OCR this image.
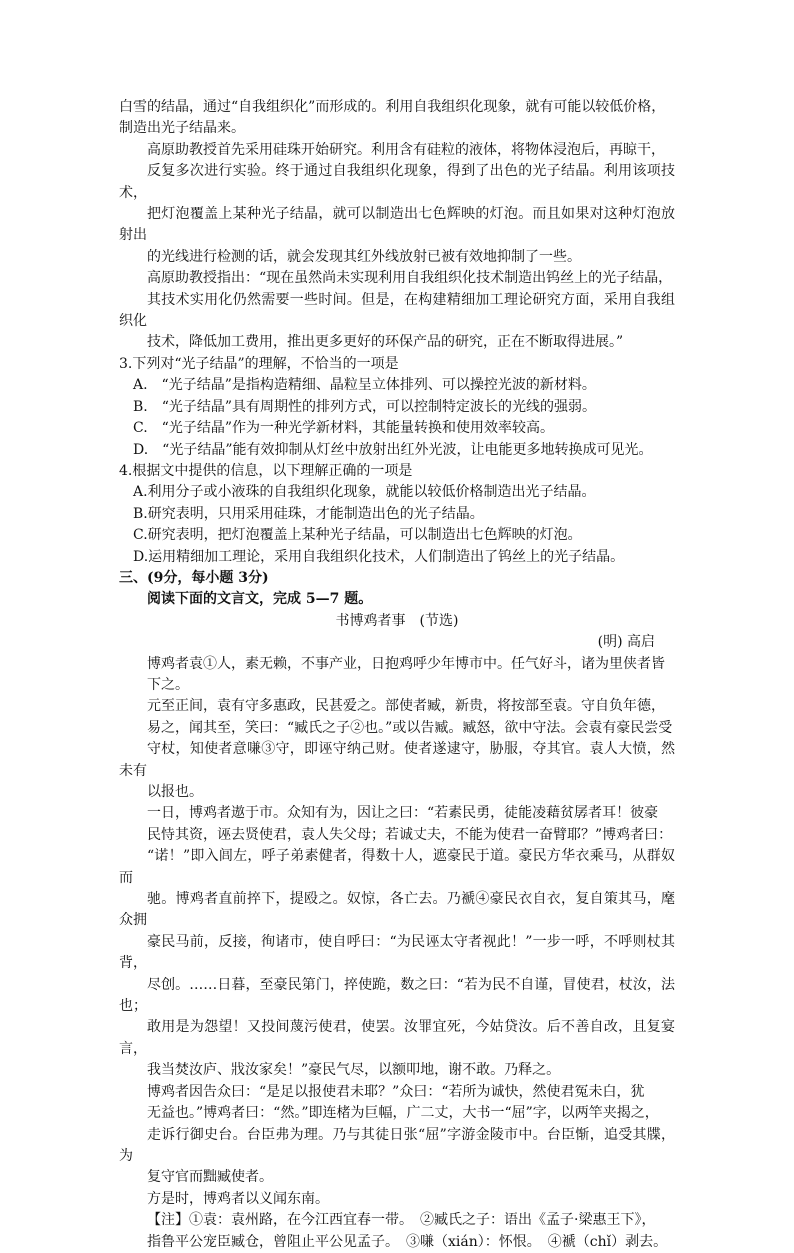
白雪的结晶，通过“自我组织化”而形成的。利用自我组织化现象，就有可能以较低价格，
制造出光子结晶来。

高原助教授首先采用硅珠开始研究。利用含有硅粒的液体，将物体浸泡后，再晾干，
反复多次进行实验。终于通过自我组织化现象，得到了出色的光子结晶。利用该项技术，
把灯泡覆盖上某种光子结晶，就可以制造出七色辉映的灯泡。而且如果对这种灯泡放射出
的光线进行检测的话，就会发现其红外线放射已被有效地抑制了一些。

高原助教授指出：“现在虽然尚未实现利用自我组织化技术制造出钨丝上的光子结晶，
其技术实用化仍然需要一些时间。但是，在构建精细加工理论研究方面，采用自我组织化
技术，降低加工费用，推出更多更好的环保产品的研究，正在不断取得进展。”

3.下列对“光子结晶”的理解，不恰当的一项是

A.　“光子结晶”是指构造精细、晶粒呈立体排列、可以操控光波的新材料。

B.　“光子结晶”具有周期性的排列方式，可以控制特定波长的光线的强弱。

C.　“光子结晶”作为一种光学新材料，其能量转换和使用效率较高。

D.　“光子结晶”能有效抑制从灯丝中放射出红外光波，让电能更多地转换成可见光。

4.根据文中提供的信息，以下理解正确的一项是

A.利用分子或小液珠的自我组织化现象，就能以较低价格制造出光子结晶。

B.研究表明，只用采用硅珠，才能制造出色的光子结晶。

C.研究表明，把灯泡覆盖上某种光子结晶，可以制造出七色辉映的灯泡。

D.运用精细加工理论，采用自我组织化技术，人们制造出了钨丝上的光子结晶。

三、(9分，每小题 3分)

阅读下面的文言文，完成 5—7 题。

书博鸡者事　(节选)

(明) 高启

博鸡者袁①人，素无赖，不事产业，日抱鸡呼少年博市中。任气好斗，诸为里侠者皆
下之。

元至正间，袁有守多惠政，民甚爱之。部使者臧，新贵，将按部至袁。守自负年德，
易之，闻其至，笑曰：“臧氏之子②也。”或以告臧。臧怒，欲中守法。会袁有豪民尝受
守杖，知使者意嗛③守，即诬守纳己财。使者遂逮守，胁服，夺其官。袁人大愤，然未有
以报也。

一日，博鸡者遨于市。众知有为，因让之曰：“若素民勇，徒能凌藉贫孱者耳！彼豪
民恃其资，诬去贤使君，袁人失父母；若诚丈夫，不能为使君一奋臂耶？”博鸡者曰：
“诺！”即入闾左，呼子弟素健者，得数十人，遮豪民于道。豪民方华衣乘马，从群奴而
驰。博鸡者直前捽下，提殴之。奴惊，各亡去。乃褫④豪民衣自衣，复自策其马，麾众拥
豪民马前，反接，徇诸市，使自呼曰：“为民诬太守者视此！”一步一呼，不呼则杖其背，
尽创。……日暮，至豪民第门，捽使跪，数之曰：“若为民不自谨，冒使君，杖汝，法也；
敢用是为怨望！又投间蔑污使君，使罢。汝罪宜死，今姑贷汝。后不善自改，且复宴言，
我当焚汝庐、戕汝家矣！”豪民气尽，以额叩地，谢不敢。乃释之。

博鸡者因告众曰：“是足以报使君未耶？”众曰：“若所为诚快，然使君冤未白，犹
无益也。”博鸡者曰：“然。”即连楮为巨幅，广二丈，大书一“屈”字，以两竿夹揭之，
走诉行御史台。台臣弗为理。乃与其徒日张“屈”字游金陵市中。台臣惭，追受其牒，为
复守官而黜臧使者。

方是时，博鸡者以义闻东南。

【注】①袁：袁州路，在今江西宜春一带。　②臧氏之子：语出《孟子·梁惠王下》，
指鲁平公宠臣臧仓，曾阻止平公见孟子。　③嗛（xián）：怀恨。　④褫（chǐ）剥去。
